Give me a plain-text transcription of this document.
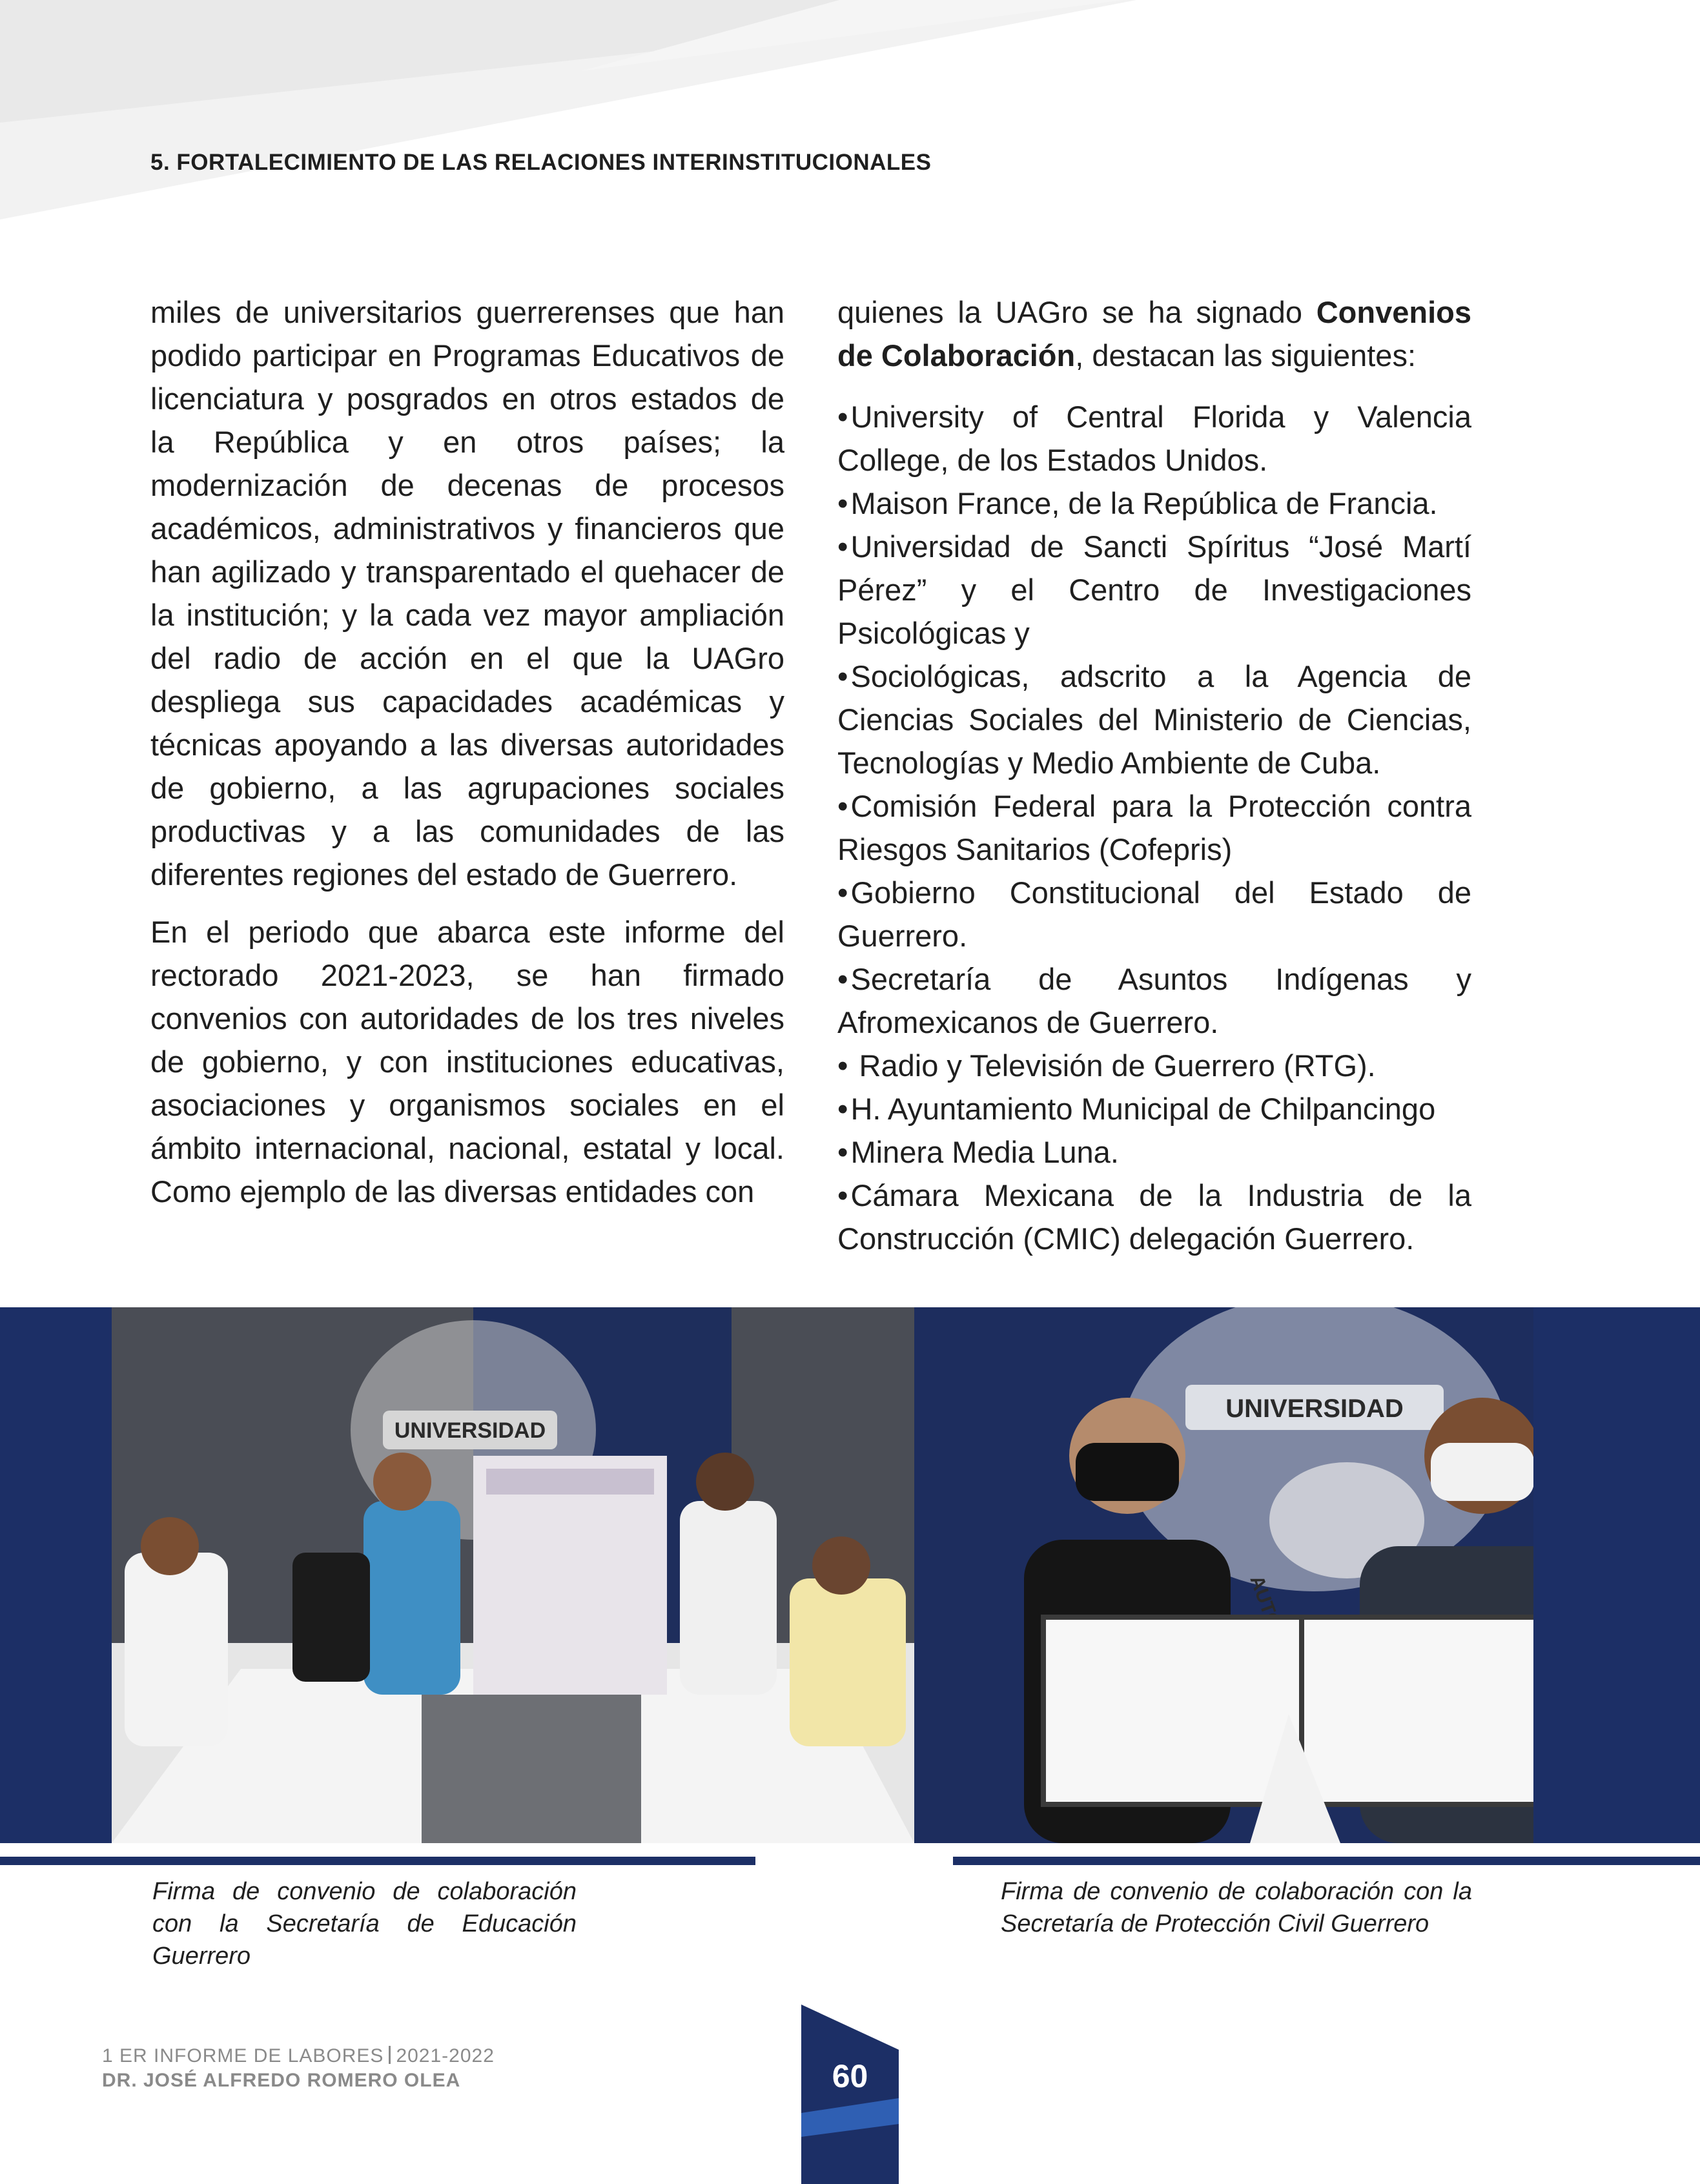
5. FORTALECIMIENTO DE LAS RELACIONES INTERINSTITUCIONALES

miles de universitarios guerrerenses que han podido participar en Programas Educativos de licenciatura y posgrados en otros estados de la República y en otros países; la modernización de decenas de procesos académicos, administrativos y financieros que han agilizado y transparentado el quehacer de la institución; y la cada vez mayor ampliación del radio de acción en el que la UAGro despliega sus capacidades académicas y técnicas apoyando a las diversas autoridades de gobierno, a las agrupaciones sociales productivas y a las comunidades de las diferentes regiones del estado de Guerrero.

En el periodo que abarca este informe del rectorado 2021-2023, se han firmado convenios con autoridades de los tres niveles de gobierno, y con instituciones educativas, asociaciones y organismos sociales en el ámbito internacional, nacional, estatal y local. Como ejemplo de las diversas entidades con

quienes la UAGro se ha signado Convenios de Colaboración, destacan las siguientes:

• University of Central Florida y Valencia College, de los Estados Unidos.
• Maison France, de la República de Francia.
• Universidad de Sancti Spíritus “José Martí Pérez” y el Centro de Investigaciones Psicológicas y
• Sociológicas, adscrito a la Agencia de Ciencias Sociales del Ministerio de Ciencias, Tecnologías y Medio Ambiente de Cuba.
• Comisión Federal para la Protección contra Riesgos Sanitarios (Cofepris)
• Gobierno Constitucional del Estado de Guerrero.
• Secretaría de Asuntos Indígenas y Afromexicanos de Guerrero.
• Radio y Televisión de Guerrero (RTG).
• H. Ayuntamiento Municipal de Chilpancingo
• Minera Media Luna.
• Cámara Mexicana de la Industria de la Construcción (CMIC) delegación Guerrero.
UNIVERSIDAD
UNIVERSIDAD

Firma de convenio de colaboración con la Secretaría de Educación Guerrero

Firma de convenio de colaboración con la Secretaría de Protección Civil Guerrero

1 ER INFORME DE LABORES 2021-2022
DR. JOSÉ ALFREDO ROMERO OLEA	60
